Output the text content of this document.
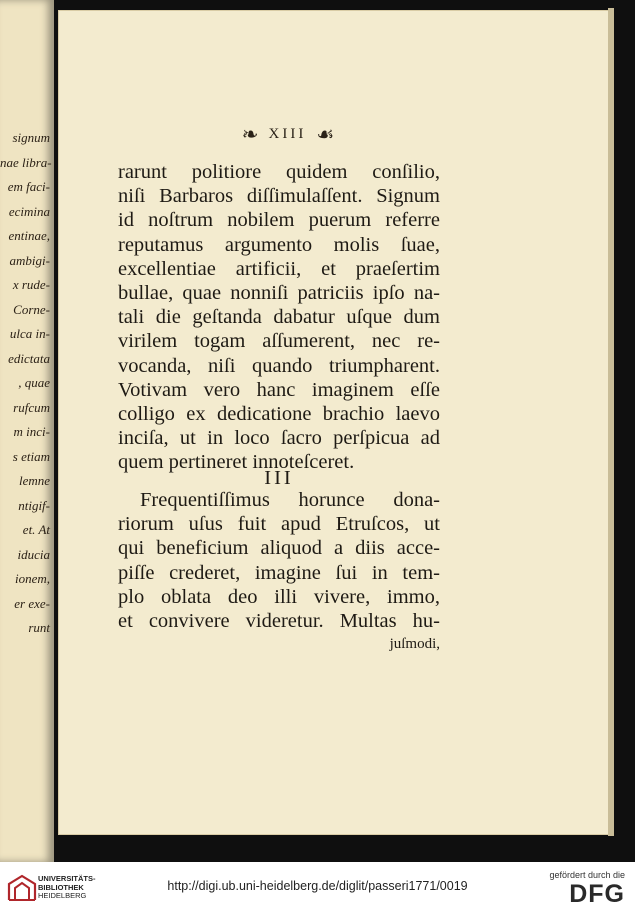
signum
nae libra-
em faci-
ecimina
entinae,
ambigi-
x rude-
Corne-
ulca in-
edictata
, quae
rufcum
m inci-
s etiam
lemne
ntigif-
et. At
iducia
ionem,
er exe-
runt
❧ XIII ☙
rarunt politiore quidem conſilio,
niſi Barbaros diſſimulaſſent. Signum
id noſtrum nobilem puerum referre
reputamus argumento molis ſuae,
excellentiae artificii, et praeſertim
bullae, quae nonniſi patriciis ipſo na-
tali die geſtanda dabatur uſque dum
virilem togam aſſumerent, nec re-
vocanda, niſi quando triumpharent.
Votivam vero hanc imaginem eſſe
colligo ex dedicatione brachio laevo
inciſa, ut in loco ſacro perſpicua ad
quem pertineret innoteſceret.
III
Frequentiſſimus horunce dona-
riorum uſus fuit apud Etruſcos, ut
qui beneficium aliquod a diis acce-
piſſe crederet, imagine ſui in tem-
plo oblata deo illi vivere, immo,
et convivere videretur. Multas hu-
juſmodi,
UNIVERSITÄTS-
BIBLIOTHEK
HEIDELBERG
http://digi.ub.uni-heidelberg.de/diglit/passeri1771/0019
gefördert durch die
DFG
